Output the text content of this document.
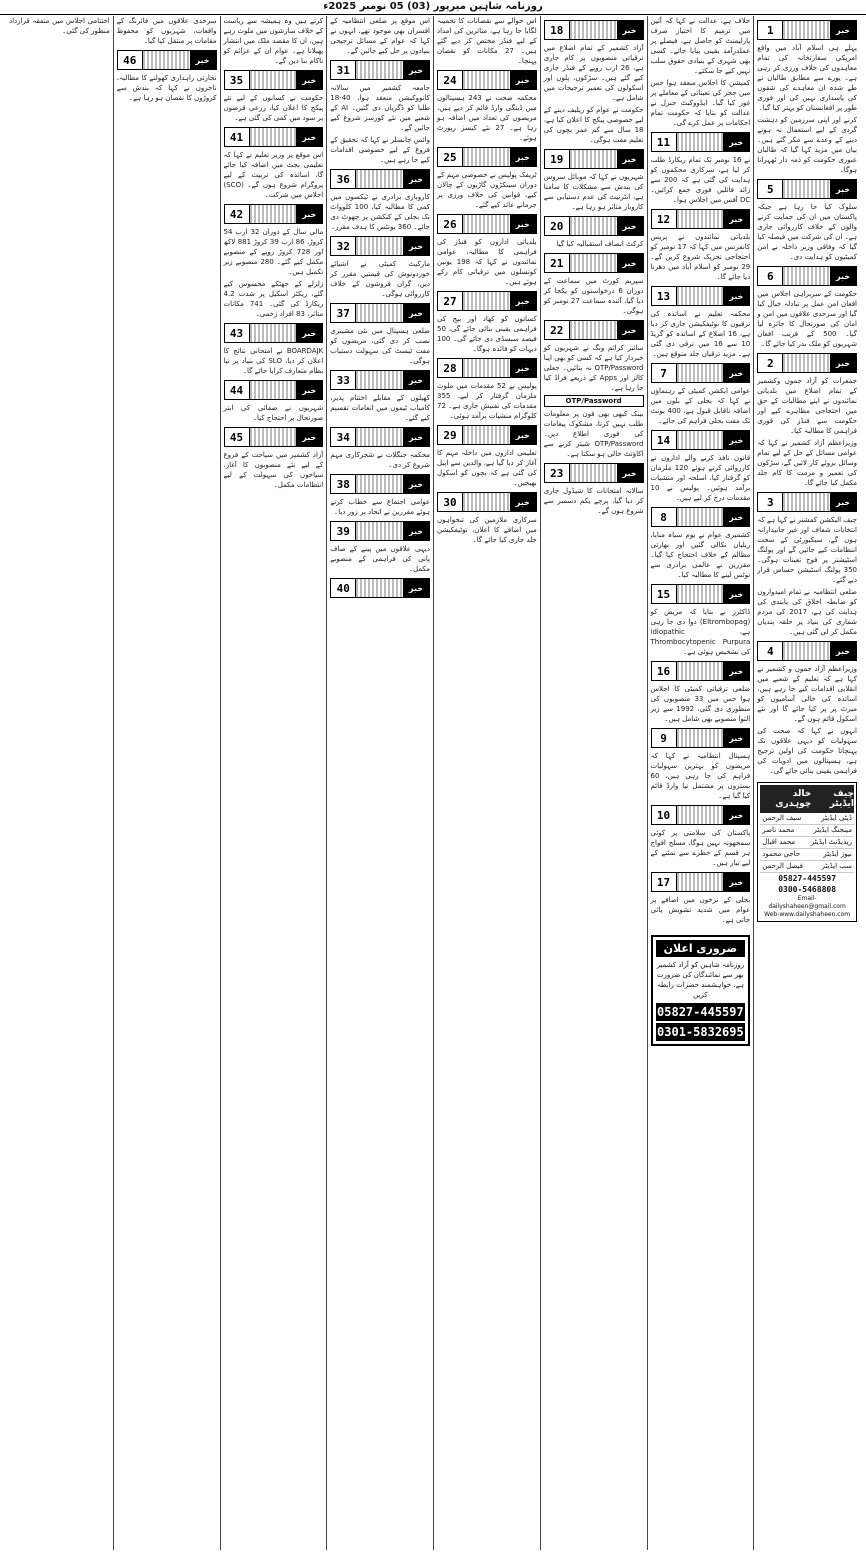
روزنامہ شاہین میرپور (03) 05 نومبر 2025ء
خبر
1

پہلے ہی اسلام آباد میں واقع امریکی سفارتخانہ کی تمام معاہدوں کی خلاف ورزی کر رہی ہے۔ پورے سے مطابق طالبان نے طے شدہ ان معاہدے کی شقوں کی پاسداری نہیں کی اور فوری طور پر افغانستان کو بہتر کیا گیا۔

کرنے اور اپنی سرزمین کو دہشت گردی کے لیے استعمال نہ ہونے دینے کے وعدے سے مکر گئے ہیں۔ بیان میں مزید کہا گیا کہ طالبان عبوری حکومت کو ذمہ دار ٹھہرانا ہوگا۔

خبر
5

سلوک کیا جا رہا ہے جبکہ پاکستان میں ان کی حمایت کرنے والوں کے خلاف کارروائی جاری ہے۔ ان کی شرکت میں فیصلہ کیا گیا کہ وفاقی وزیر داخلہ نے امن کمیٹیوں کو ہدایت دی۔

خبر
6

حکومت کے سربراہی اجلاس میں افغان امن عمل پر تبادلہ خیال کیا گیا اور سرحدی علاقوں میں امن و امان کی صورتحال کا جائزہ لیا گیا۔ 500 کے قریب افغان شہریوں کو ملک بدر کیا جائے گا۔

خبر
2

جمعرات کو آزاد جموں وکشمیر کے تمام اضلاع میں بلدیاتی نمائندوں نے اپنے مطالبات کے حق میں احتجاجی مظاہرے کیے اور حکومت سے فنڈز کی فوری فراہمی کا مطالبہ کیا۔

وزیراعظم آزاد کشمیر نے کہا کہ عوامی مسائل کے حل کے لیے تمام وسائل بروئے کار لائیں گے، سڑکوں کی تعمیر و مرمت کا کام جلد مکمل کیا جائے گا۔

خبر
3

چیف الیکشن کمشنر نے کہا ہے کہ انتخابات شفاف اور غیر جانبدارانہ ہوں گے، سیکیورٹی کے سخت انتظامات کیے جائیں گے اور پولنگ اسٹیشنز پر فوج تعینات ہوگی۔ 350 پولنگ اسٹیشن حساس قرار دیے گئے۔

ضلعی انتظامیہ نے تمام امیدواروں کو ضابطہ اخلاق کی پابندی کی ہدایت کی ہے، 2017 کی مردم شماری کی بنیاد پر حلقہ بندیاں مکمل کر لی گئی ہیں۔

خبر
4

وزیراعظم آزاد جموں و کشمیر نے کہا ہے کہ تعلیم کے شعبے میں انقلابی اقدامات کیے جا رہے ہیں، اساتذہ کی خالی آسامیوں کو میرٹ پر پر کیا جائے گا اور نئے اسکول قائم ہوں گے۔

انہوں نے کہا کہ صحت کی سہولیات کو دیہی علاقوں تک پہنچانا حکومت کی اولین ترجیح ہے، ہسپتالوں میں ادویات کی فراہمی یقینی بنائی جائے گی۔

چیف ایڈیٹر
خالد چوہدری
ڈپٹی ایڈیٹر
سیف الرحمن
مینجنگ ایڈیٹر
محمد ناصر
ریذیڈنٹ ایڈیٹر
محمد اقبال
نیوز ایڈیٹر
حاجی محمود
سب ایڈیٹر
فیصل الرحمن
05827-445597
0300-5468808
Email-dailyshaheen@gmail.com
Web-www.dailyshaheen.com

خلاف ہے، عدالت نے کہا کہ آئین میں ترمیم کا اختیار صرف پارلیمنٹ کو حاصل ہے، فیصلے پر عملدرآمد یقینی بنایا جائے۔ کسی بھی شہری کے بنیادی حقوق سلب نہیں کیے جا سکتے۔

کمیشن کا اجلاس منعقد ہوا جس میں ججز کی تعیناتی کے معاملے پر غور کیا گیا۔ ایڈووکیٹ جنرل نے عدالت کو بتایا کہ حکومت تمام احکامات پر عمل کرے گی۔

خبر
11

نے 16 نومبر تک تمام ریکارڈ طلب کر لیا ہے، سرکاری محکموں کو ہدایت کی گئی ہے کہ 200 سے زائد فائلیں فوری جمع کرائیں۔ DC آفس میں اجلاس ہوا۔

خبر
12

بلدیاتی نمائندوں نے پریس کانفرنس میں کہا کہ 17 نومبر کو احتجاجی تحریک شروع کریں گے۔ 29 نومبر کو اسلام آباد میں دھرنا دیا جائے گا۔

خبر
13

محکمہ تعلیم نے اساتذہ کی ترقیوں کا نوٹیفکیشن جاری کر دیا ہے، 16 اضلاع کے اساتذہ کو گریڈ 10 سے 16 میں ترقی دی گئی ہے۔ مزید ترقیاں جلد متوقع ہیں۔

خبر
7

عوامی ایکشن کمیٹی کے رہنماؤں نے کہا کہ بجلی کے بلوں میں اضافہ ناقابل قبول ہے، 400 یونٹ تک مفت بجلی فراہم کی جائے۔

خبر
14

قانون نافذ کرنے والے اداروں نے کارروائی کرتے ہوئے 120 ملزمان کو گرفتار کیا، اسلحہ اور منشیات برآمد ہوئیں۔ پولیس نے 10 مقدمات درج کر لیے ہیں۔

خبر
8

کشمیری عوام نے یوم سیاہ منایا، ریلیاں نکالی گئیں اور بھارتی مظالم کے خلاف احتجاج کیا گیا۔ مقررین نے عالمی برادری سے نوٹس لینے کا مطالبہ کیا۔

خبر
15

ڈاکٹرز نے بتایا کہ مریض کو (Eltrombopag) دوا دی جا رہی ہے، idiopathic Thrombocytopenic Purpura کی تشخیص ہوئی ہے۔

خبر
16

ضلعی ترقیاتی کمیٹی کا اجلاس ہوا جس میں 33 منصوبوں کی منظوری دی گئی، 1992 سے زیر التوا منصوبے بھی شامل ہیں۔

خبر
9

ہسپتال انتظامیہ نے کہا کہ مریضوں کو بہترین سہولیات فراہم کی جا رہی ہیں، 60 بستروں پر مشتمل نیا وارڈ قائم کیا گیا ہے۔

خبر
10

پاکستان کی سلامتی پر کوئی سمجھوتہ نہیں ہوگا، مسلح افواج ہر قسم کے خطرے سے نمٹنے کے لیے تیار ہیں۔

خبر
17

بجلی کے نرخوں میں اضافے پر عوام میں شدید تشویش پائی جاتی ہے۔

ضروری اعلان
روزنامہ شاہین کو آزاد کشمیر بھر سے نمائندگان کی ضرورت ہے، خواہشمند حضرات رابطہ کریں
05827-445597
0301-5832695
خبر
18

آزاد کشمیر کے تمام اضلاع میں ترقیاتی منصوبوں پر کام جاری ہے، 26 ارب روپے کے فنڈز جاری کیے گئے ہیں۔ سڑکوں، پلوں اور اسکولوں کی تعمیر ترجیحات میں شامل ہے۔

حکومت نے عوام کو ریلیف دینے کے لیے خصوصی پیکج کا اعلان کیا ہے، 18 سال سے کم عمر بچوں کی تعلیم مفت ہوگی۔

خبر
19

شہریوں نے کہا کہ موبائل سروس کی بندش سے مشکلات کا سامنا ہے، انٹرنیٹ کی عدم دستیابی سے کاروبار متاثر ہو رہا ہے۔

خبر
20

کرکٹ انصاف استقبالیہ کیا گیا

خبر
21

سپریم کورٹ میں سماعت کے دوران 6 درخواستوں کو یکجا کر دیا گیا، آئندہ سماعت 27 نومبر کو ہوگی۔

خبر
22

سائبر کرائم ونگ نے شہریوں کو خبردار کیا ہے کہ کسی کو بھی اپنا OTP/Password نہ بتائیں۔ جعلی کالز اور Apps کے ذریعے فراڈ کیا جا رہا ہے۔

OTP/Password

بینک کبھی بھی فون پر معلومات طلب نہیں کرتا، مشکوک پیغامات کی فوری اطلاع دیں۔ OTP/Password شیئر کرنے سے اکاؤنٹ خالی ہو سکتا ہے۔

خبر
23

سالانہ امتحانات کا شیڈول جاری کر دیا گیا، پرچے یکم دسمبر سے شروع ہوں گے۔

اس حوالے سے نقصانات کا تخمینہ لگایا جا رہا ہے، متاثرین کی امداد کے لیے فنڈز مختص کر دیے گئے ہیں۔ 27 مکانات کو نقصان پہنچا۔

خبر
24

محکمہ صحت نے 243 ہسپتالوں میں ڈینگی وارڈ قائم کر دیے ہیں، مریضوں کی تعداد میں اضافہ ہو رہا ہے۔ 27 نئے کیسز رپورٹ ہوئے۔

خبر
25

ٹریفک پولیس نے خصوصی مہم کے دوران سینکڑوں گاڑیوں کے چالان کیے، قوانین کی خلاف ورزی پر جرمانے عائد کیے گئے۔

خبر
26

بلدیاتی اداروں کو فنڈز کی فراہمی کا مطالبہ، عوامی نمائندوں نے کہا کہ 198 یونین کونسلوں میں ترقیاتی کام رکے ہوئے ہیں۔

خبر
27

کسانوں کو کھاد اور بیج کی فراہمی یقینی بنائی جائے گی، 50 فیصد سبسڈی دی جائے گی۔ 100 دیہات کو فائدہ ہوگا۔

خبر
28

پولیس نے 52 مقدمات میں ملوث ملزمان گرفتار کر لیے، 355 مقدمات کی تفتیش جاری ہے۔ 72 کلوگرام منشیات برآمد ہوئی۔

خبر
29

تعلیمی اداروں میں داخلہ مہم کا آغاز کر دیا گیا ہے، والدین سے اپیل کی گئی ہے کہ بچوں کو اسکول بھیجیں۔

خبر
30

سرکاری ملازمین کی تنخواہوں میں اضافے کا اعلان، نوٹیفکیشن جلد جاری کیا جائے گا۔

اس موقع پر ضلعی انتظامیہ کے افسران بھی موجود تھے، انہوں نے کہا کہ عوام کے مسائل ترجیحی بنیادوں پر حل کیے جائیں گے۔

خبر
31

جامعہ کشمیر میں سالانہ کانووکیشن منعقد ہوا، 40-18 طلبا کو ڈگریاں دی گئیں۔ AI کے شعبے میں نئے کورسز شروع کیے جائیں گے۔

وائس چانسلر نے کہا کہ تحقیق کے فروغ کے لیے خصوصی اقدامات کیے جا رہے ہیں۔

خبر
36

کاروباری برادری نے ٹیکسوں میں کمی کا مطالبہ کیا، 100 کلوواٹ تک بجلی کے کنکشن پر چھوٹ دی جائے۔ 360 یونٹس کا ہدف مقرر۔

خبر
32

مارکیٹ کمیٹی نے اشیائے خوردونوش کی قیمتیں مقرر کر دیں، گراں فروشوں کے خلاف کارروائی ہوگی۔

خبر
37

ضلعی ہسپتال میں نئی مشینری نصب کر دی گئی، مریضوں کو مفت ٹیسٹ کی سہولت دستیاب ہوگی۔

خبر
33

کھیلوں کے مقابلے اختتام پذیر، کامیاب ٹیموں میں انعامات تقسیم کیے گئے۔

خبر
34

محکمہ جنگلات نے شجرکاری مہم شروع کر دی۔

خبر
38

عوامی اجتماع سے خطاب کرتے ہوئے مقررین نے اتحاد پر زور دیا۔

خبر
39

دیہی علاقوں میں پینے کے صاف پانی کی فراہمی کے منصوبے مکمل۔

خبر
40

کرتے ہیں وہ ہمیشہ سے ریاست کے خلاف سازشوں میں ملوث رہے ہیں، ان کا مقصد ملک میں انتشار پھیلانا ہے۔ عوام ان کے عزائم کو ناکام بنا دیں گے۔

خبر
35

حکومت نے کسانوں کے لیے نئے پیکج کا اعلان کیا، زرعی قرضوں پر سود میں کمی کی گئی ہے۔

خبر
41

اس موقع پر وزیر تعلیم نے کہا کہ تعلیمی بجٹ میں اضافہ کیا جائے گا، اساتذہ کی تربیت کے لیے پروگرام شروع ہوں گے۔ (SCO) اجلاس میں شرکت۔

خبر
42

مالی سال کے دوران 32 ارب 54 کروڑ، 86 ارب 39 کروڑ 881 لاکھ اور 728 کروڑ روپے کے منصوبے مکمل کیے گئے۔ 280 منصوبے زیر تکمیل ہیں۔

زلزلے کے جھٹکے محسوس کیے گئے، ریکٹر اسکیل پر شدت 4.2 ریکارڈ کی گئی۔ 741 مکانات متاثر، 83 افراد زخمی۔

خبر
43

BOARDAJK نے امتحانی نتائج کا اعلان کر دیا، SLO کی بنیاد پر نیا نظام متعارف کرایا جائے گا۔

خبر
44

شہریوں نے صفائی کی ابتر صورتحال پر احتجاج کیا۔

خبر
45

آزاد کشمیر میں سیاحت کے فروغ کے لیے نئے منصوبوں کا آغاز، سیاحوں کی سہولت کے لیے انتظامات مکمل۔

سرحدی علاقوں میں فائرنگ کے واقعات، شہریوں کو محفوظ مقامات پر منتقل کیا گیا۔

خبر
46

تجارتی راہداری کھولنے کا مطالبہ، تاجروں نے کہا کہ بندش سے کروڑوں کا نقصان ہو رہا ہے۔

اختتامی اجلاس میں متفقہ قرارداد منظور کی گئی۔
